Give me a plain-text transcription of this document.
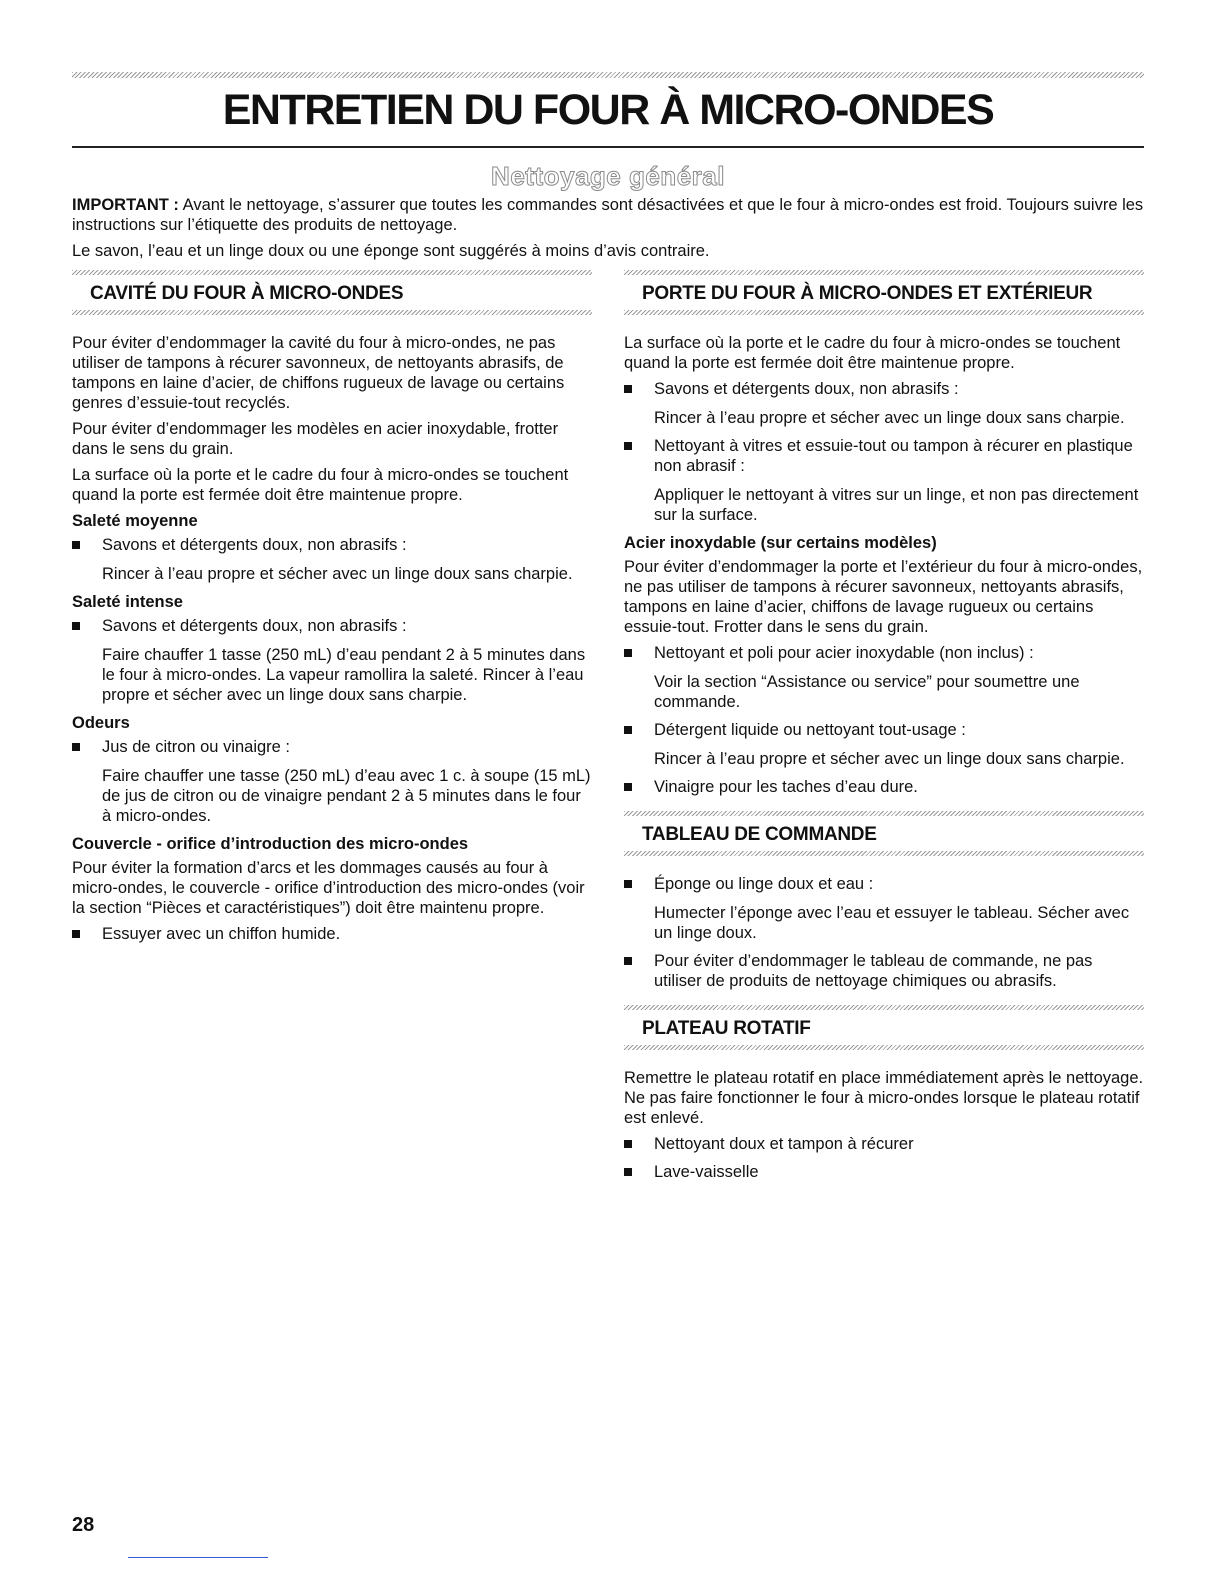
ENTRETIEN DU FOUR À MICRO-ONDES
Nettoyage général

IMPORTANT : Avant le nettoyage, s’assurer que toutes les commandes sont désactivées et que le four à micro-ondes est froid. Toujours suivre les instructions sur l’étiquette des produits de nettoyage.

Le savon, l’eau et un linge doux ou une éponge sont suggérés à moins d’avis contraire.

CAVITÉ DU FOUR À MICRO-ONDES

Pour éviter d’endommager la cavité du four à micro-ondes, ne pas utiliser de tampons à récurer savonneux, de nettoyants abrasifs, de tampons en laine d’acier, de chiffons rugueux de lavage ou certains genres d’essuie-tout recyclés.

Pour éviter d’endommager les modèles en acier inoxydable, frotter dans le sens du grain.

La surface où la porte et le cadre du four à micro-ondes se touchent quand la porte est fermée doit être maintenue propre.

Saleté moyenne
Savons et détergents doux, non abrasifs :
Rincer à l’eau propre et sécher avec un linge doux sans charpie.
Saleté intense
Savons et détergents doux, non abrasifs :
Faire chauffer 1 tasse (250 mL) d’eau pendant 2 à 5 minutes dans le four à micro-ondes. La vapeur ramollira la saleté. Rincer à l’eau propre et sécher avec un linge doux sans charpie.
Odeurs
Jus de citron ou vinaigre :
Faire chauffer une tasse (250 mL) d’eau avec 1 c. à soupe (15 mL) de jus de citron ou de vinaigre pendant 2 à 5 minutes dans le four à micro-ondes.
Couvercle - orifice d’introduction des micro-ondes

Pour éviter la formation d’arcs et les dommages causés au four à micro-ondes, le couvercle - orifice d’introduction des micro-ondes (voir la section “Pièces et caractéristiques”) doit être maintenu propre.

Essuyer avec un chiffon humide.
PORTE DU FOUR À MICRO-ONDES ET EXTÉRIEUR

La surface où la porte et le cadre du four à micro-ondes se touchent quand la porte est fermée doit être maintenue propre.

Savons et détergents doux, non abrasifs :
Rincer à l’eau propre et sécher avec un linge doux sans charpie.
Nettoyant à vitres et essuie-tout ou tampon à récurer en plastique non abrasif :
Appliquer le nettoyant à vitres sur un linge, et non pas directement sur la surface.
Acier inoxydable (sur certains modèles)

Pour éviter d’endommager la porte et l’extérieur du four à micro-ondes, ne pas utiliser de tampons à récurer savonneux, nettoyants abrasifs, tampons en laine d’acier, chiffons de lavage rugueux ou certains essuie-tout. Frotter dans le sens du grain.

Nettoyant et poli pour acier inoxydable (non inclus) :
Voir la section “Assistance ou service” pour soumettre une commande.
Détergent liquide ou nettoyant tout-usage :
Rincer à l’eau propre et sécher avec un linge doux sans charpie.
Vinaigre pour les taches d’eau dure.
TABLEAU DE COMMANDE
Éponge ou linge doux et eau :
Humecter l’éponge avec l’eau et essuyer le tableau. Sécher avec un linge doux.
Pour éviter d’endommager le tableau de commande, ne pas utiliser de produits de nettoyage chimiques ou abrasifs.
PLATEAU ROTATIF

Remettre le plateau rotatif en place immédiatement après le nettoyage. Ne pas faire fonctionner le four à micro-ondes lorsque le plateau rotatif est enlevé.

Nettoyant doux et tampon à récurer
Lave-vaisselle
28
